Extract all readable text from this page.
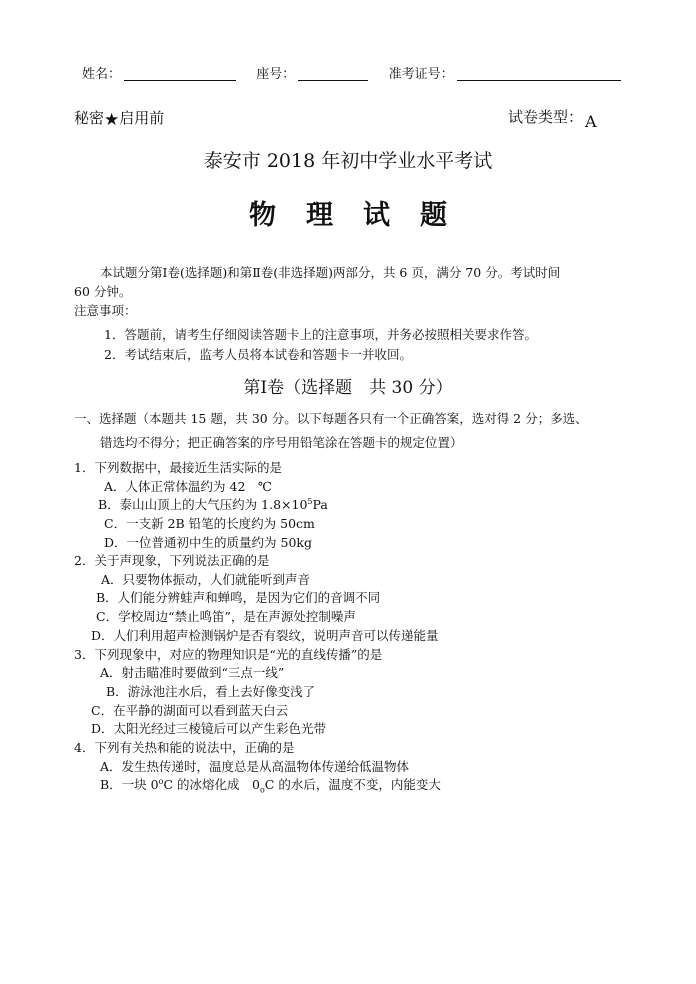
姓名：	座号：	准考证号：
秘密★启用前	试卷类型： A
泰安市 2018 年初中学业水平考试
物理试题
本试题分第Ⅰ卷(选择题)和第Ⅱ卷(非选择题)两部分，共 6 页，满分 70 分。考试时间
60 分钟。
注意事项：
1．答题前，请考生仔细阅读答题卡上的注意事项，并务必按照相关要求作答。
2．考试结束后，监考人员将本试卷和答题卡一并收回。
第Ⅰ卷（选择题　共 30 分）
一、选择题（本题共 15 题，共 30 分。以下每题各只有一个正确答案，选对得 2 分；多选、
错选均不得分；把正确答案的序号用铅笔涂在答题卡的规定位置）
1．下列数据中，最接近生活实际的是
A．人体正常体温约为 42　℃
B．泰山山顶上的大气压约为 $1.8\times 10^5Pa$
C．一支新 2B 铅笔的长度约为 50cm
D．一位普通初中生的质量约为 50kg
2．关于声现象，下列说法正确的是
A．只要物体振动，人们就能听到声音
B．人们能分辨蛙声和蝉鸣，是因为它们的音调不同
C．学校周边“禁止鸣笛”，是在声源处控制噪声
D．人们利用超声检测锅炉是否有裂纹，说明声音可以传递能量
3．下列现象中，对应的物理知识是“光的直线传播”的是
A．射击瞄准时要做到“三点一线”
B．游泳池注水后，看上去好像变浅了
C．在平静的湖面可以看到蓝天白云
D．太阳光经过三棱镜后可以产生彩色光带
4．下列有关热和能的说法中，正确的是
A．发生热传递时，温度总是从高温物体传递给低温物体
B．一块 0$^o$C 的冰熔化成　$0_oC$ 的水后，温度不变，内能变大
